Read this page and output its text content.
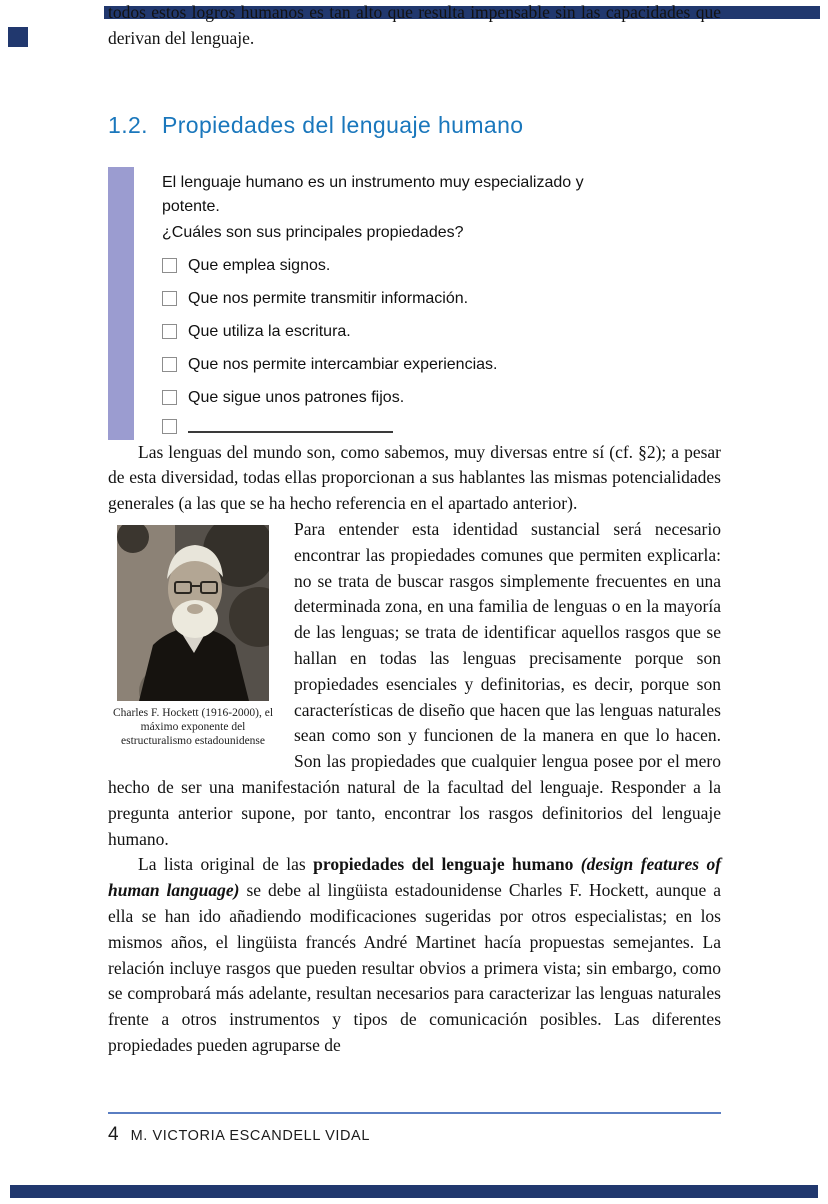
todos estos logros humanos es tan alto que resulta impensable sin las capacidades que derivan del lenguaje.

1.2. Propiedades del lenguaje humano

El lenguaje humano es un instrumento muy especializado y potente.

¿Cuáles son sus principales propiedades?

Que emplea signos.
Que nos permite transmitir información.
Que utiliza la escritura.
Que nos permite intercambiar experiencias.
Que sigue unos patrones fijos.

Las lenguas del mundo son, como sabemos, muy diversas entre sí (cf. §2); a pesar de esta diversidad, todas ellas proporcionan a sus hablantes las mismas potencialidades generales (a las que se ha hecho referencia en el apartado anterior).

Charles F. Hockett (1916-2000), el máximo exponente del estructuralismo estadounidense

Para entender esta identidad sustancial será necesario encontrar las propiedades comunes que permiten explicarla: no se trata de buscar rasgos simplemente frecuentes en una determinada zona, en una familia de lenguas o en la mayoría de las lenguas; se trata de identificar aquellos rasgos que se hallan en todas las lenguas precisamente porque son propiedades esenciales y definitorias, es decir, porque son características de diseño que hacen que las lenguas naturales sean como son y funcionen de la manera en que lo hacen. Son las propiedades que cualquier lengua posee por el mero hecho de ser una manifestación natural de la facultad del lenguaje. Responder a la pregunta anterior supone, por tanto, encontrar los rasgos definitorios del lenguaje humano.

La lista original de las propiedades del lenguaje humano (design features of human language) se debe al lingüista estadounidense Charles F. Hockett, aunque a ella se han ido añadiendo modificaciones sugeridas por otros especialistas; en los mismos años, el lingüista francés André Martinet hacía propuestas semejantes. La relación incluye rasgos que pueden resultar obvios a primera vista; sin embargo, como se comprobará más adelante, resultan necesarios para caracterizar las lenguas naturales frente a otros instrumentos y tipos de comunicación posibles. Las diferentes propiedades pueden agruparse de

4 M. VICTORIA ESCANDELL VIDAL
